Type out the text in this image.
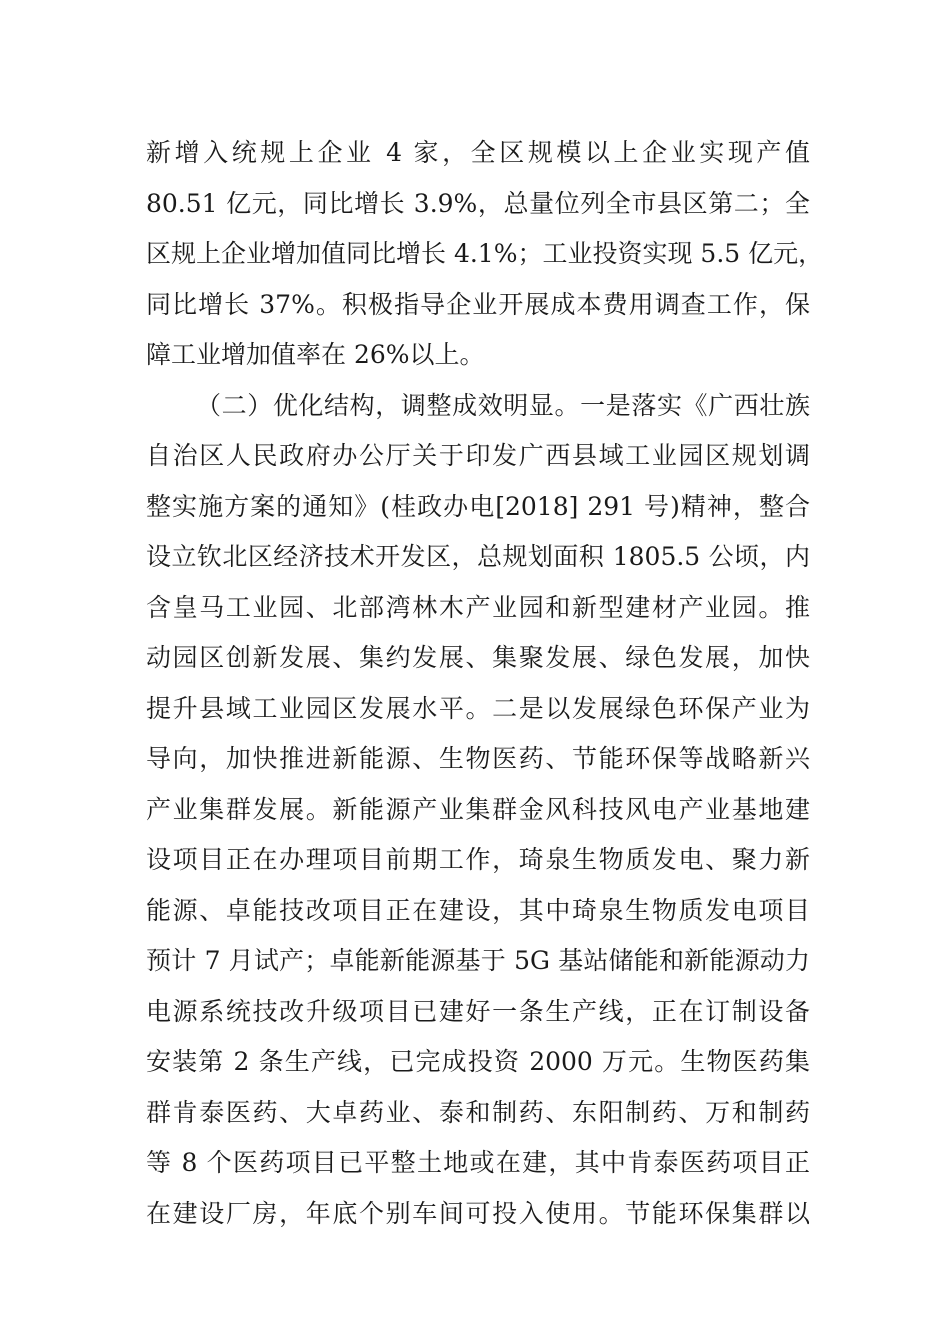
新增入统规上企业 4 家，全区规模以上企业实现产值
80.51 亿元，同比增长 3.9%，总量位列全市县区第二；全
区规上企业增加值同比增长 4.1%；工业投资实现 5.5 亿元，
同比增长 37%。积极指导企业开展成本费用调查工作，保
障工业增加值率在 26%以上。
（二）优化结构，调整成效明显。一是落实《广西壮族
自治区人民政府办公厅关于印发广西县域工业园区规划调
整实施方案的通知》(桂政办电[2018] 291 号)精神，整合
设立钦北区经济技术开发区，总规划面积 1805.5 公顷，内
含皇马工业园、北部湾林木产业园和新型建材产业园。推
动园区创新发展、集约发展、集聚发展、绿色发展，加快
提升县域工业园区发展水平。二是以发展绿色环保产业为
导向，加快推进新能源、生物医药、节能环保等战略新兴
产业集群发展。新能源产业集群金风科技风电产业基地建
设项目正在办理项目前期工作，琦泉生物质发电、聚力新
能源、卓能技改项目正在建设，其中琦泉生物质发电项目
预计 7 月试产；卓能新能源基于 5G 基站储能和新能源动力
电源系统技改升级项目已建好一条生产线，正在订制设备
安装第 2 条生产线，已完成投资 2000 万元。生物医药集
群肯泰医药、大卓药业、泰和制药、东阳制药、万和制药
等 8 个医药项目已平整土地或在建，其中肯泰医药项目正
在建设厂房，年底个别车间可投入使用。节能环保集群以
